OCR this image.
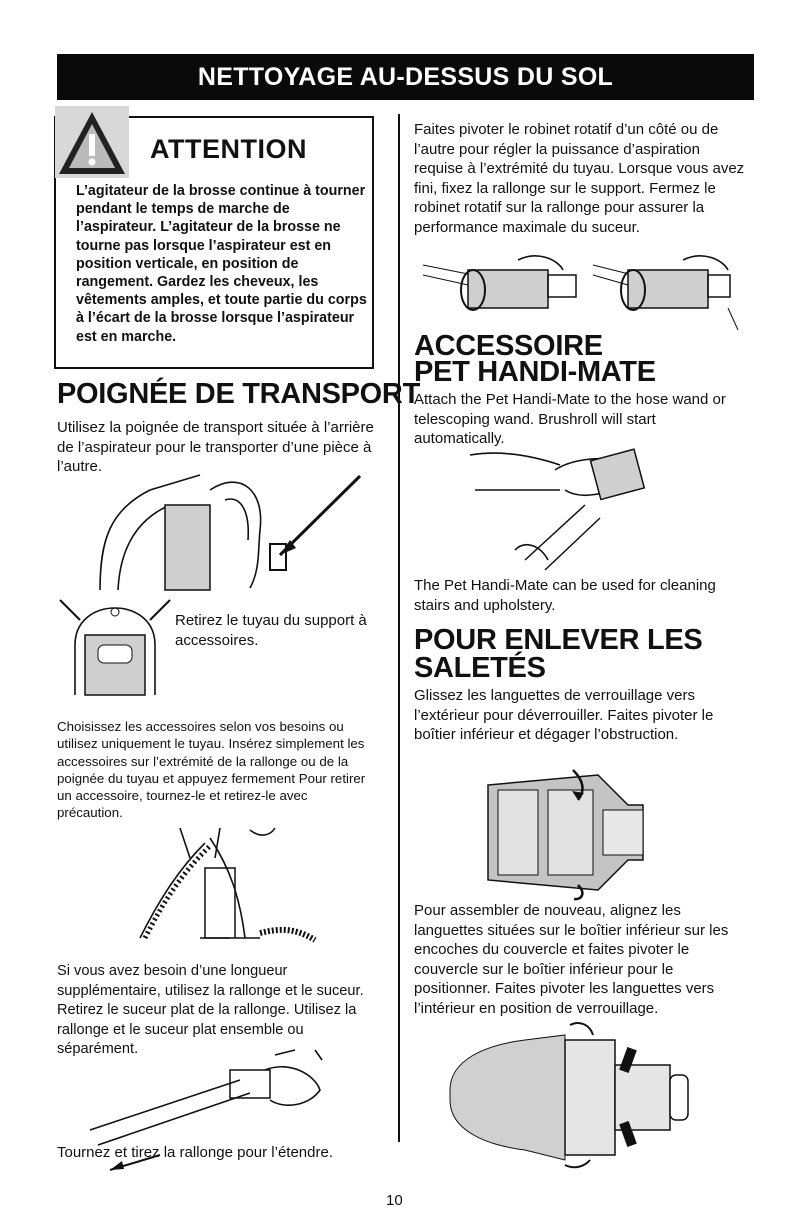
NETTOYAGE AU-DESSUS DU SOL
ATTENTION
L’agitateur de la brosse continue à tourner pendant le temps de marche de l’aspirateur. L’agitateur de la brosse ne tourne pas lorsque l’aspirateur est en position verticale, en position de rangement. Gardez les cheveux, les vêtements amples, et toute partie du corps à l’écart de la brosse lorsque l’aspirateur est en marche.
POIGNÉE DE TRANSPORT
Utilisez la poignée de transport située à l’arrière de l’aspirateur pour le transporter d’une pièce à l’autre.
Retirez le tuyau du support à accessoires.
Choisissez les accessoires selon vos besoins ou utilisez uniquement le tuyau. Insérez simplement les accessoires sur l’extrémité de la rallonge ou de la poignée du tuyau et appuyez fermement Pour retirer un accessoire, tournez-le et retirez-le avec précaution.
Si vous avez besoin d’une longueur supplémentaire, utilisez la rallonge et le suceur. Retirez le suceur plat de la rallonge. Utilisez la rallonge et le suceur plat ensemble ou séparément.
Tournez et tirez la rallonge pour l’étendre.
Faites pivoter le robinet rotatif d’un côté ou de l’autre pour régler la puissance d’aspiration requise à l’extrémité du tuyau. Lorsque vous avez fini, fixez la rallonge sur le support. Fermez le robinet rotatif sur la rallonge pour assurer la performance maximale du suceur.
ACCESSOIRE
PET HANDI-MATE
Attach the Pet Handi-Mate to the hose wand or telescoping wand. Brushroll will start automatically.
The Pet Handi-Mate can be used for cleaning stairs and upholstery.
POUR ENLEVER LES
SALETÉS
Glissez les languettes de verrouillage vers l’extérieur pour déverrouiller. Faites pivoter le boîtier inférieur et dégager l’obstruction.
Pour assembler de nouveau, alignez les languettes situées sur le boîtier inférieur sur les encoches du couvercle et faites pivoter le couvercle sur le boîtier inférieur pour le positionner. Faites pivoter les languettes vers l’intérieur en position de verrouillage.
10
